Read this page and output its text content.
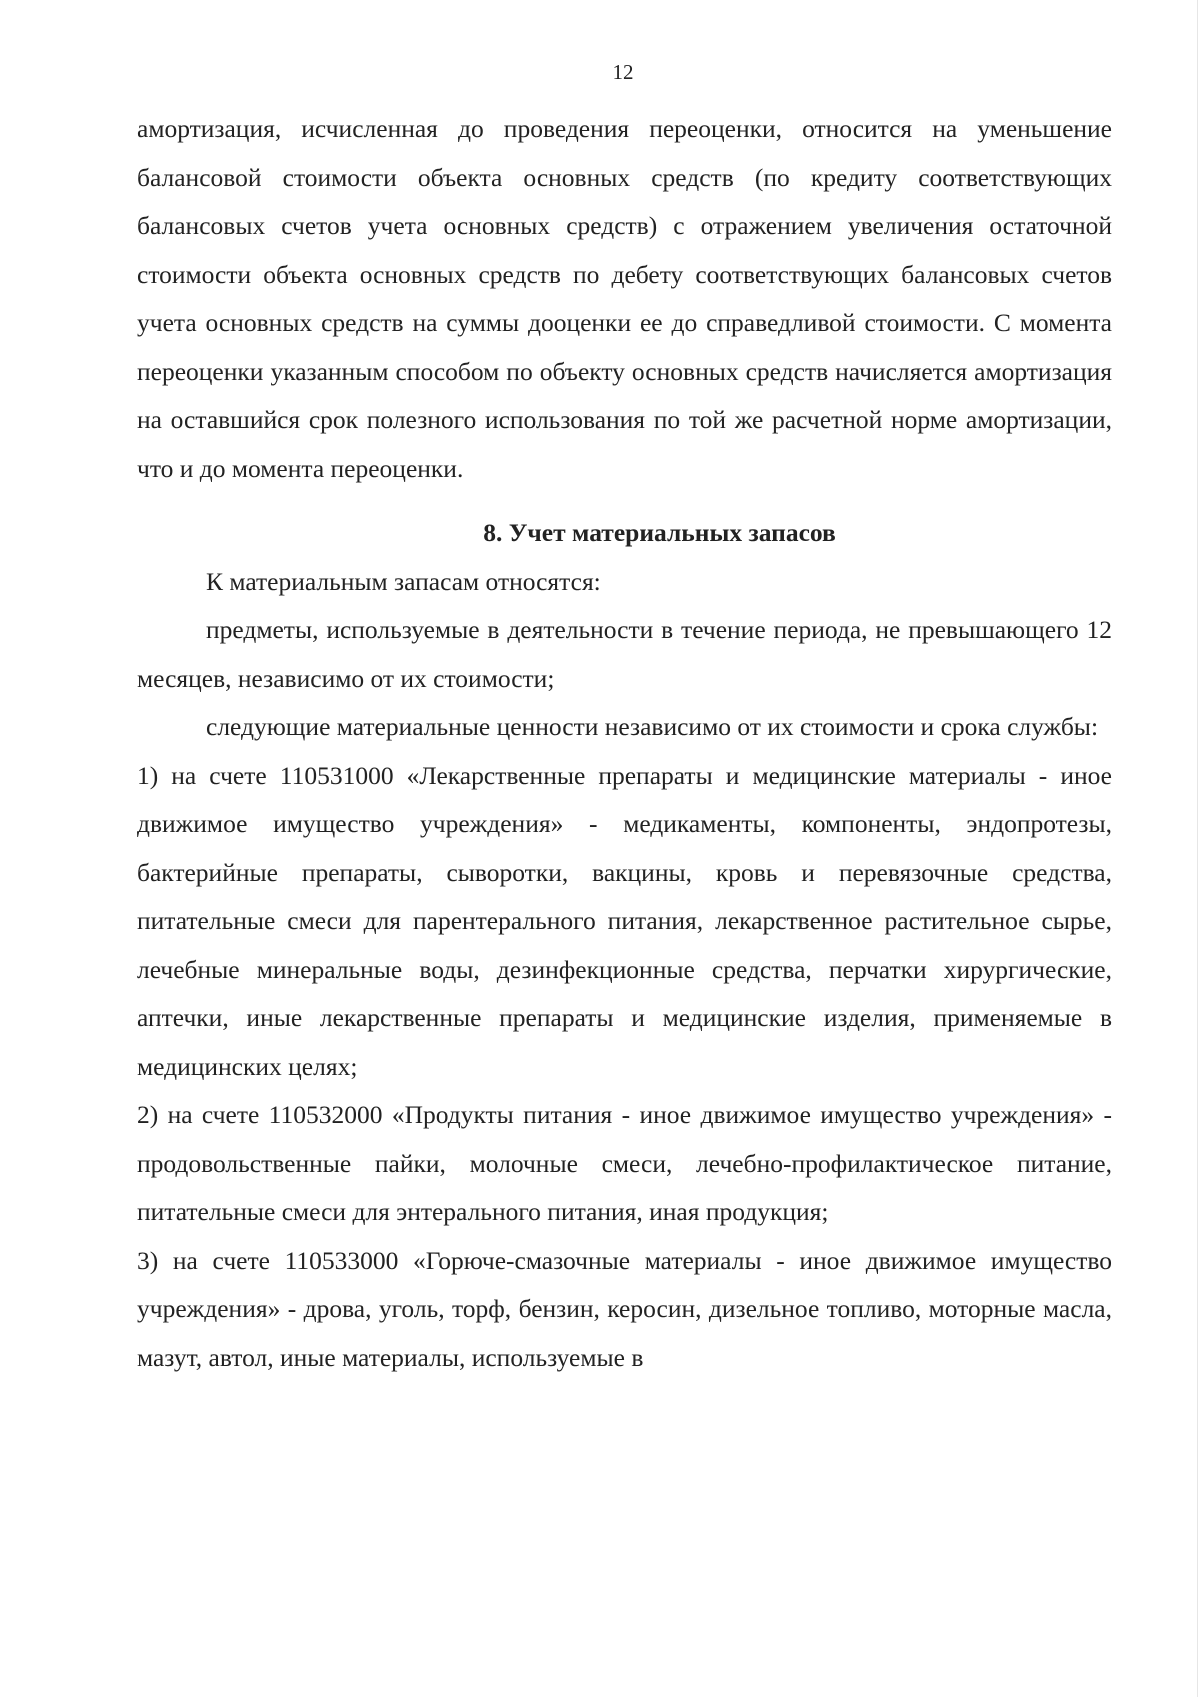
12

амортизация, исчисленная до проведения переоценки, относится на уменьшение балансовой стоимости объекта основных средств (по кредиту соответствующих балансовых счетов учета основных средств) с отражением увеличения остаточной стоимости объекта основных средств по дебету соответствующих балансовых счетов учета основных средств на суммы дооценки ее до справедливой стоимости. С момента переоценки указанным способом по объекту основных средств начисляется амортизация на оставшийся срок полезного использования по той же расчетной норме амортизации, что и до момента переоценки.

8. Учет материальных запасов

К материальным запасам относятся:

предметы, используемые в деятельности в течение периода, не превышающего 12 месяцев, независимо от их стоимости;

следующие материальные ценности независимо от их стоимости и срока службы:

1) на счете 110531000 «Лекарственные препараты и медицинские материалы - иное движимое имущество учреждения» - медикаменты, компоненты, эндопротезы, бактерийные препараты, сыворотки, вакцины, кровь и перевязочные средства, питательные смеси для парентерального питания, лекарственное растительное сырье, лечебные минеральные воды, дезинфекционные средства, перчатки хирургические, аптечки, иные лекарственные препараты и медицинские изделия, применяемые в медицинских целях;

2) на счете 110532000 «Продукты питания - иное движимое имущество учреждения» - продовольственные пайки, молочные смеси, лечебно-профилактическое питание, питательные смеси для энтерального питания, иная продукция;

3) на счете 110533000 «Горюче-смазочные материалы - иное движимое имущество учреждения» - дрова, уголь, торф, бензин, керосин, дизельное топливо, моторные масла, мазут, автол, иные материалы, используемые в
